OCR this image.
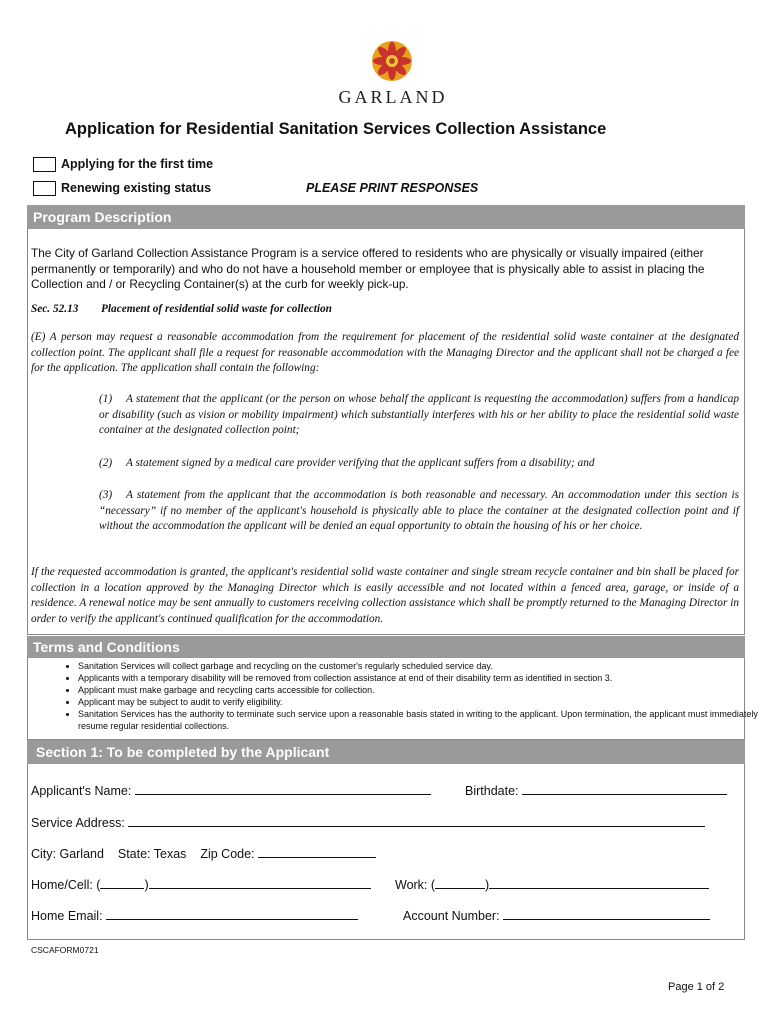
GARLAND
Application for Residential Sanitation Services Collection Assistance
Applying for the first time
Renewing existing status	PLEASE PRINT RESPONSES
Program Description
The City of Garland Collection Assistance Program is a service offered to residents who are physically or visually impaired (either permanently or temporarily) and who do not have a household member or employee that is physically able to assist in placing the Collection and / or Recycling Container(s) at the curb for weekly pick-up.
Sec. 52.13 Placement of residential solid waste for collection
(E) A person may request a reasonable accommodation from the requirement for placement of the residential solid waste container at the designated collection point. The applicant shall file a request for reasonable accommodation with the Managing Director and the applicant shall not be charged a fee for the application. The application shall contain the following:
(1) A statement that the applicant (or the person on whose behalf the applicant is requesting the accommodation) suffers from a handicap or disability (such as vision or mobility impairment) which substantially interferes with his or her ability to place the residential solid waste container at the designated collection point;
(2) A statement signed by a medical care provider verifying that the applicant suffers from a disability; and
(3) A statement from the applicant that the accommodation is both reasonable and necessary. An accommodation under this section is “necessary” if no member of the applicant's household is physically able to place the container at the designated collection point and if without the accommodation the applicant will be denied an equal opportunity to obtain the housing of his or her choice.
If the requested accommodation is granted, the applicant's residential solid waste container and single stream recycle container and bin shall be placed for collection in a location approved by the Managing Director which is easily accessible and not located within a fenced area, garage, or inside of a residence. A renewal notice may be sent annually to customers receiving collection assistance which shall be promptly returned to the Managing Director in order to verify the applicant's continued qualification for the accommodation.
Terms and Conditions
• Sanitation Services will collect garbage and recycling on the customer's regularly scheduled service day.
• Applicants with a temporary disability will be removed from collection assistance at end of their disability term as identified in section 3.
• Applicant must make garbage and recycling carts accessible for collection.
• Applicant may be subject to audit to verify eligibility.
• Sanitation Services has the authority to terminate such service upon a reasonable basis stated in writing to the applicant. Upon termination, the applicant must immediately resume regular residential collections.
Section 1: To be completed by the Applicant
Applicant's Name:	Birthdate:
Service Address:
City: Garland State: Texas Zip Code:
Home/Cell: (	)	Work: (	)
Home Email:	Account Number:
CSCAFORM0721
Page 1 of 2
